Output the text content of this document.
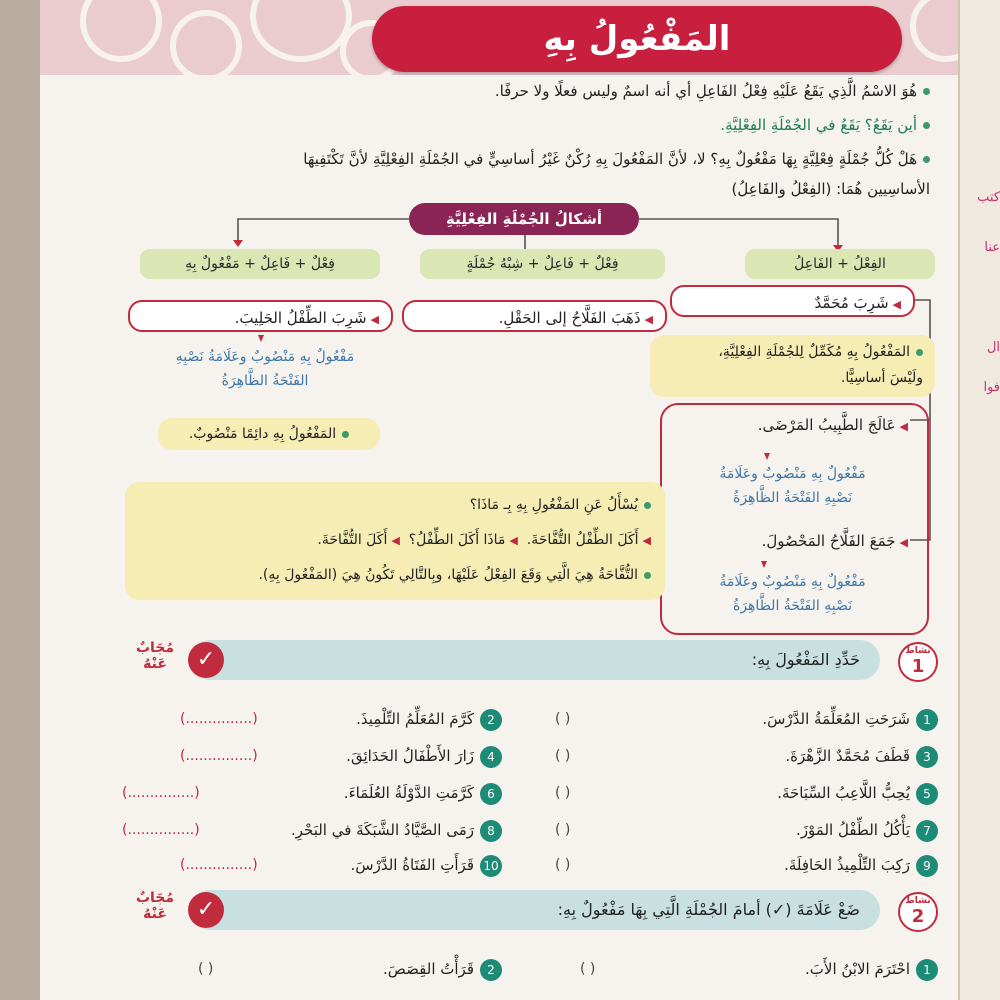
المَفْعُولُ بِهِ
هُوَ الاسْمُ الَّذِي يَقَعُ عَلَيْهِ فِعْلُ الفَاعِلِ أي أنه اسمٌ وليس فعلًا ولا حرفًا.
أين يَقَعُ؟ يَقَعُ في الجُمْلَةِ الفِعْلِيَّةِ.
هَلْ كُلُّ جُمْلَةٍ فِعْلِيَّةٍ بِهَا مَفْعُولٌ بِهِ؟ لا، لأنَّ المَفْعُولَ بِهِ رُكْنٌ غَيْرُ أساسِيٍّ في الجُمْلَةِ الفِعْلِيَّةِ لأنَّ تَكْتَفِيهَا
الأساسِيين هُمَا: (الفِعْلُ والفَاعِلُ)
أشكالُ الجُمْلَةِ الفِعْلِيَّةِ
الفِعْلُ + الفَاعِلُ
فِعْلٌ + فَاعِلٌ + شِبْهُ جُمْلَةٍ
فِعْلٌ + فَاعِلٌ + مَفْعُولٌ بِهِ
◀شَرِبَ مُحَمَّدٌ
◀ذَهَبَ الفَلَّاحُ إلى الحَقْلِ.
◀شَرِبَ الطِّفْلُ الحَلِيبَ.
مَفْعُولٌ بِهِ مَنْصُوبٌ وعَلَامَةُ نَصْبِهِ
الفَتْحَةُ الظَّاهِرَةُ
المَفْعُولُ بِهِ دائِمًا مَنْصُوبٌ.
المَفْعُولُ بِهِ مُكَمِّلٌ لِلجُمْلَةِ الفِعْلِيَّةِ،
ولَيْسَ أساسِيًّا.
◀عَالَجَ الطَّبِيبُ المَرْضَى.
مَفْعُولٌ بِهِ مَنْصُوبٌ وعَلَامَةُ
نَصْبِهِ الفَتْحَةُ الظَّاهِرَةُ
◀جَمَعَ الفَلَّاحُ المَحْصُولَ.
مَفْعُولٌ بِهِ مَنْصُوبٌ وعَلَامَةُ
نَصْبِهِ الفَتْحَةُ الظَّاهِرَةُ
يُسْأَلُ عَنِ المَفْعُولِ بِهِ بِـ مَاذَا؟
◀أَكَلَ الطِّفْلُ التُّفَّاحَةَ.  ◀مَاذَا أَكَلَ الطِّفْلُ؟  ◀أَكَلَ التُّفَّاحَةَ.
التُّفَّاحَةُ هِيَ الَّتِي وَقَعَ الفِعْلُ عَلَيْهَا، وبِالتَّالِي تَكُونُ هِيَ (المَفْعُولَ بِهِ).
حَدِّدِ المَفْعُولَ بِهِ:	نشاط
1
✓
مُجَابٌ عَنْهُ
1شَرَحَتِ المُعَلِّمَةُ الدَّرْسَ.
( )
2كَرَّمَ المُعَلِّمُ التِّلْمِيذَ.
(...............)
3قَطَفَ مُحَمَّدٌ الزَّهْرَةَ.
( )
4زَارَ الأَطْفَالُ الحَدَائِقَ.
(...............)
5يُحِبُّ اللَّاعِبُ السِّبَاحَةَ.
( )
6كَرَّمَتِ الدَّوْلَةُ العُلَمَاءَ.
(...............)
7يَأْكُلُ الطِّفْلُ المَوْزَ.
( )
8رَمَى الصَّيَّادُ الشَّبَكَةَ في البَحْرِ.
(...............)
9رَكِبَ التِّلْمِيذُ الحَافِلَةَ.
( )
10قَرَأَتِ الفَتَاةُ الدَّرْسَ.
(...............)
ضَعْ عَلَامَةَ (✓) أمامَ الجُمْلَةِ الَّتِي بِهَا مَفْعُولٌ بِهِ:	نشاط
2
✓
مُجَابٌ عَنْهُ
1احْتَرَمَ الابْنُ الأَبَ.
( )
2قَرَأْتُ القِصَصَ.
( )
كتب
عنا
ال
فوا
